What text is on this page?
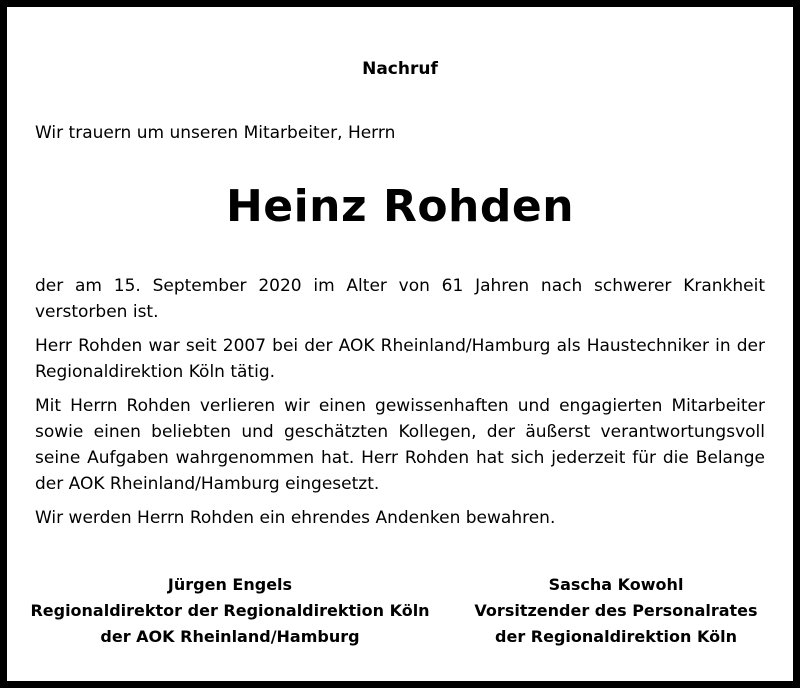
Nachruf
Wir trauern um unseren Mitarbeiter, Herrn
Heinz Rohden

der am 15. September 2020 im Alter von 61 Jahren nach schwerer Krankheit verstorben ist.

Herr Rohden war seit 2007 bei der AOK Rheinland/Hamburg als Haustechniker in der Regionaldirektion Köln tätig.

Mit Herrn Rohden verlieren wir einen gewissenhaften und engagierten Mitarbeiter sowie einen beliebten und geschätzten Kollegen, der äußerst verantwortungsvoll seine Aufgaben wahrgenommen hat. Herr Rohden hat sich jederzeit für die Belange der AOK Rheinland/Hamburg eingesetzt.

Wir werden Herrn Rohden ein ehrendes Andenken bewahren.

Jürgen Engels
Regionaldirektor der Regionaldirektion Köln
der AOK Rheinland/Hamburg
Sascha Kowohl
Vorsitzender des Personalrates
der Regionaldirektion Köln
